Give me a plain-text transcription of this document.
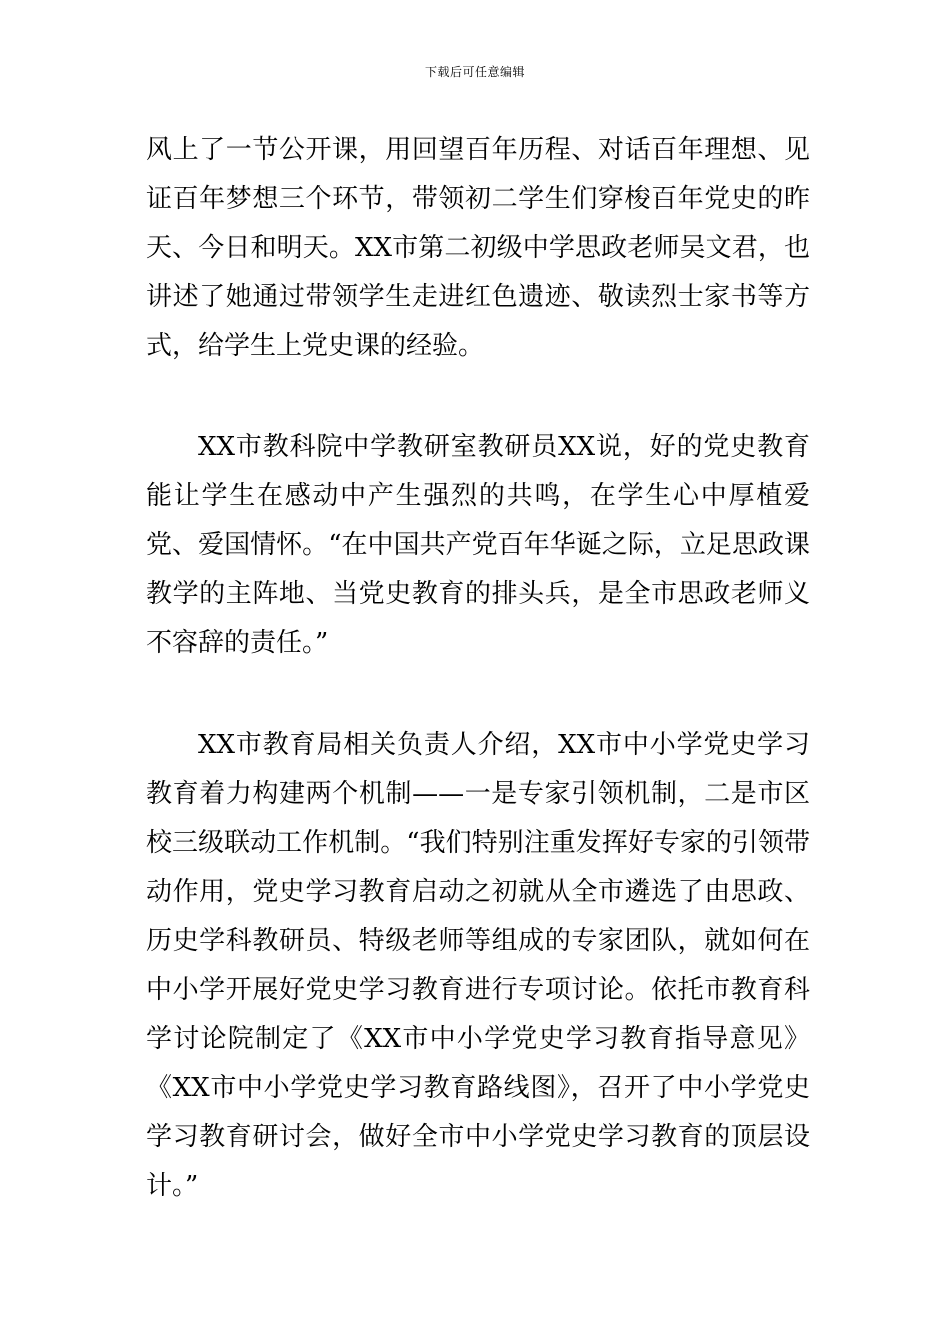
下载后可任意编辑

风上了一节公开课，用回望百年历程、对话百年理想、见证百年梦想三个环节，带领初二学生们穿梭百年党史的昨天、今日和明天。XX市第二初级中学思政老师吴文君，也讲述了她通过带领学生走进红色遗迹、敬读烈士家书等方式，给学生上党史课的经验。

XX市教科院中学教研室教研员XX说，好的党史教育能让学生在感动中产生强烈的共鸣，在学生心中厚植爱党、爱国情怀。“在中国共产党百年华诞之际，立足思政课教学的主阵地、当党史教育的排头兵，是全市思政老师义不容辞的责任。”

XX市教育局相关负责人介绍，XX市中小学党史学习教育着力构建两个机制——一是专家引领机制，二是市区校三级联动工作机制。“我们特别注重发挥好专家的引领带动作用，党史学习教育启动之初就从全市遴选了由思政、历史学科教研员、特级老师等组成的专家团队，就如何在中小学开展好党史学习教育进行专项讨论。依托市教育科学讨论院制定了《XX市中小学党史学习教育指导意见》《XX市中小学党史学习教育路线图》，召开了中小学党史学习教育研讨会，做好全市中小学党史学习教育的顶层设计。”
